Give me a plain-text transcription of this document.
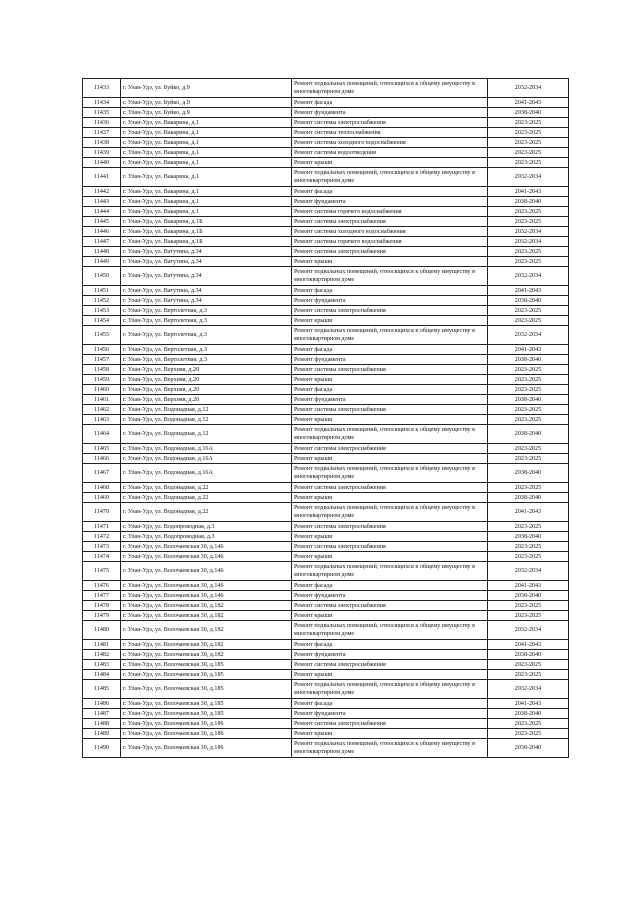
11433	г. Улан-Удэ, ул. Буйко, д.9	Ремонт подвальных помещений, относящихся к общему имуществу в многоквартирном доме	2032-2034
11434	г. Улан-Удэ, ул. Буйко, д.9	Ремонт фасада	2041-2043
11435	г. Улан-Удэ, ул. Буйко, д.9	Ремонт фундамента	2038-2040
11436	г. Улан-Удэ, ул. Вакарина, д.1	Ремонт системы электроснабжения	2023-2025
11437	г. Улан-Удэ, ул. Вакарина, д.1	Ремонт системы теплоснабжения	2023-2025
11438	г. Улан-Удэ, ул. Вакарина, д.1	Ремонт системы холодного водоснабжения	2023-2025
11439	г. Улан-Удэ, ул. Вакарина, д.1	Ремонт системы водоотведения	2023-2025
11440	г. Улан-Удэ, ул. Вакарина, д.1	Ремонт крыши	2023-2025
11441	г. Улан-Удэ, ул. Вакарина, д.1	Ремонт подвальных помещений, относящихся к общему имуществу в многоквартирном доме	2032-2034
11442	г. Улан-Удэ, ул. Вакарина, д.1	Ремонт фасада	2041-2043
11443	г. Улан-Удэ, ул. Вакарина, д.1	Ремонт фундамента	2038-2040
11444	г. Улан-Удэ, ул. Вакарина, д.1	Ремонт системы горячего водоснабжения	2023-2025
11445	г. Улан-Удэ, ул. Вакарина, д.1Б	Ремонт системы электроснабжения	2023-2025
11446	г. Улан-Удэ, ул. Вакарина, д.1Б	Ремонт системы холодного водоснабжения	2032-2034
11447	г. Улан-Удэ, ул. Вакарина, д.1Б	Ремонт системы горячего водоснабжения	2032-2034
11448	г. Улан-Удэ, ул. Ватутина, д.34	Ремонт системы электроснабжения	2023-2025
11449	г. Улан-Удэ, ул. Ватутина, д.34	Ремонт крыши	2023-2025
11450	г. Улан-Удэ, ул. Ватутина, д.34	Ремонт подвальных помещений, относящихся к общему имуществу в многоквартирном доме	2032-2034
11451	г. Улан-Удэ, ул. Ватутина, д.34	Ремонт фасада	2041-2043
11452	г. Улан-Удэ, ул. Ватутина, д.34	Ремонт фундамента	2038-2040
11453	г. Улан-Удэ, ул. Вертолетная, д.3	Ремонт системы электроснабжения	2023-2025
11454	г. Улан-Удэ, ул. Вертолетная, д.3	Ремонт крыши	2023-2025
11455	г. Улан-Удэ, ул. Вертолетная, д.3	Ремонт подвальных помещений, относящихся к общему имуществу в многоквартирном доме	2032-2034
11456	г. Улан-Удэ, ул. Вертолетная, д.3	Ремонт фасада	2041-2043
11457	г. Улан-Удэ, ул. Вертолетная, д.3	Ремонт фундамента	2038-2040
11458	г. Улан-Удэ, ул. Верхняя, д.20	Ремонт системы электроснабжения	2023-2025
11459	г. Улан-Удэ, ул. Верхняя, д.20	Ремонт крыши	2023-2025
11460	г. Улан-Удэ, ул. Верхняя, д.20	Ремонт фасада	2023-2025
11461	г. Улан-Удэ, ул. Верхняя, д.20	Ремонт фундамента	2038-2040
11462	г. Улан-Удэ, ул. Водонадная, д.12	Ремонт системы электроснабжения	2023-2025
11463	г. Улан-Удэ, ул. Водонадная, д.12	Ремонт крыши	2023-2025
11464	г. Улан-Удэ, ул. Водонадная, д.12	Ремонт подвальных помещений, относящихся к общему имуществу в многоквартирном доме	2038-2040
11465	г. Улан-Удэ, ул. Водонадная, д.16А	Ремонт системы электроснабжения	2023-2025
11466	г. Улан-Удэ, ул. Водонадная, д.16А	Ремонт крыши	2023-2025
11467	г. Улан-Удэ, ул. Водонадная, д.16А	Ремонт подвальных помещений, относящихся к общему имуществу в многоквартирном доме	2038-2040
11468	г. Улан-Удэ, ул. Водонадная, д.22	Ремонт системы электроснабжения	2023-2025
11469	г. Улан-Удэ, ул. Водонадная, д.22	Ремонт крыши	2038-2040
11470	г. Улан-Удэ, ул. Водонадная, д.22	Ремонт подвальных помещений, относящихся к общему имуществу в многоквартирном доме	2041-2043
11471	г. Улан-Удэ, ул. Водопроводная, д.3	Ремонт системы электроснабжения	2023-2025
11472	г. Улан-Удэ, ул. Водопроводная, д.3	Ремонт крыши	2038-2040
11473	г. Улан-Удэ, ул. Волочаевская 30, д.146	Ремонт системы электроснабжения	2023-2025
11474	г. Улан-Удэ, ул. Волочаевская 30, д.146	Ремонт крыши	2023-2025
11475	г. Улан-Удэ, ул. Волочаевская 30, д.146	Ремонт подвальных помещений, относящихся к общему имуществу в многоквартирном доме	2032-2034
11476	г. Улан-Удэ, ул. Волочаевская 30, д.146	Ремонт фасада	2041-2043
11477	г. Улан-Удэ, ул. Волочаевская 30, д.146	Ремонт фундамента	2038-2040
11478	г. Улан-Удэ, ул. Волочаевская 30, д.182	Ремонт системы электроснабжения	2023-2025
11479	г. Улан-Удэ, ул. Волочаевская 30, д.182	Ремонт крыши	2023-2025
11480	г. Улан-Удэ, ул. Волочаевская 30, д.182	Ремонт подвальных помещений, относящихся к общему имуществу в многоквартирном доме	2032-2034
11481	г. Улан-Удэ, ул. Волочаевская 30, д.182	Ремонт фасада	2041-2043
11482	г. Улан-Удэ, ул. Волочаевская 30, д.182	Ремонт фундамента	2038-2040
11483	г. Улан-Удэ, ул. Волочаевская 30, д.185	Ремонт системы электроснабжения	2023-2025
11484	г. Улан-Удэ, ул. Волочаевская 30, д.185	Ремонт крыши	2023-2025
11485	г. Улан-Удэ, ул. Волочаевская 30, д.185	Ремонт подвальных помещений, относящихся к общему имуществу в многоквартирном доме	2032-2034
11486	г. Улан-Удэ, ул. Волочаевская 30, д.185	Ремонт фасада	2041-2043
11487	г. Улан-Удэ, ул. Волочаевская 30, д.185	Ремонт фундамента	2038-2040
11488	г. Улан-Удэ, ул. Волочаевская 30, д.186	Ремонт системы электроснабжения	2023-2025
11489	г. Улан-Удэ, ул. Волочаевская 30, д.186	Ремонт крыши	2023-2025
11490	г. Улан-Удэ, ул. Волочаевская 30, д.186	Ремонт подвальных помещений, относящихся к общему имуществу в многоквартирном доме	2038-2040
